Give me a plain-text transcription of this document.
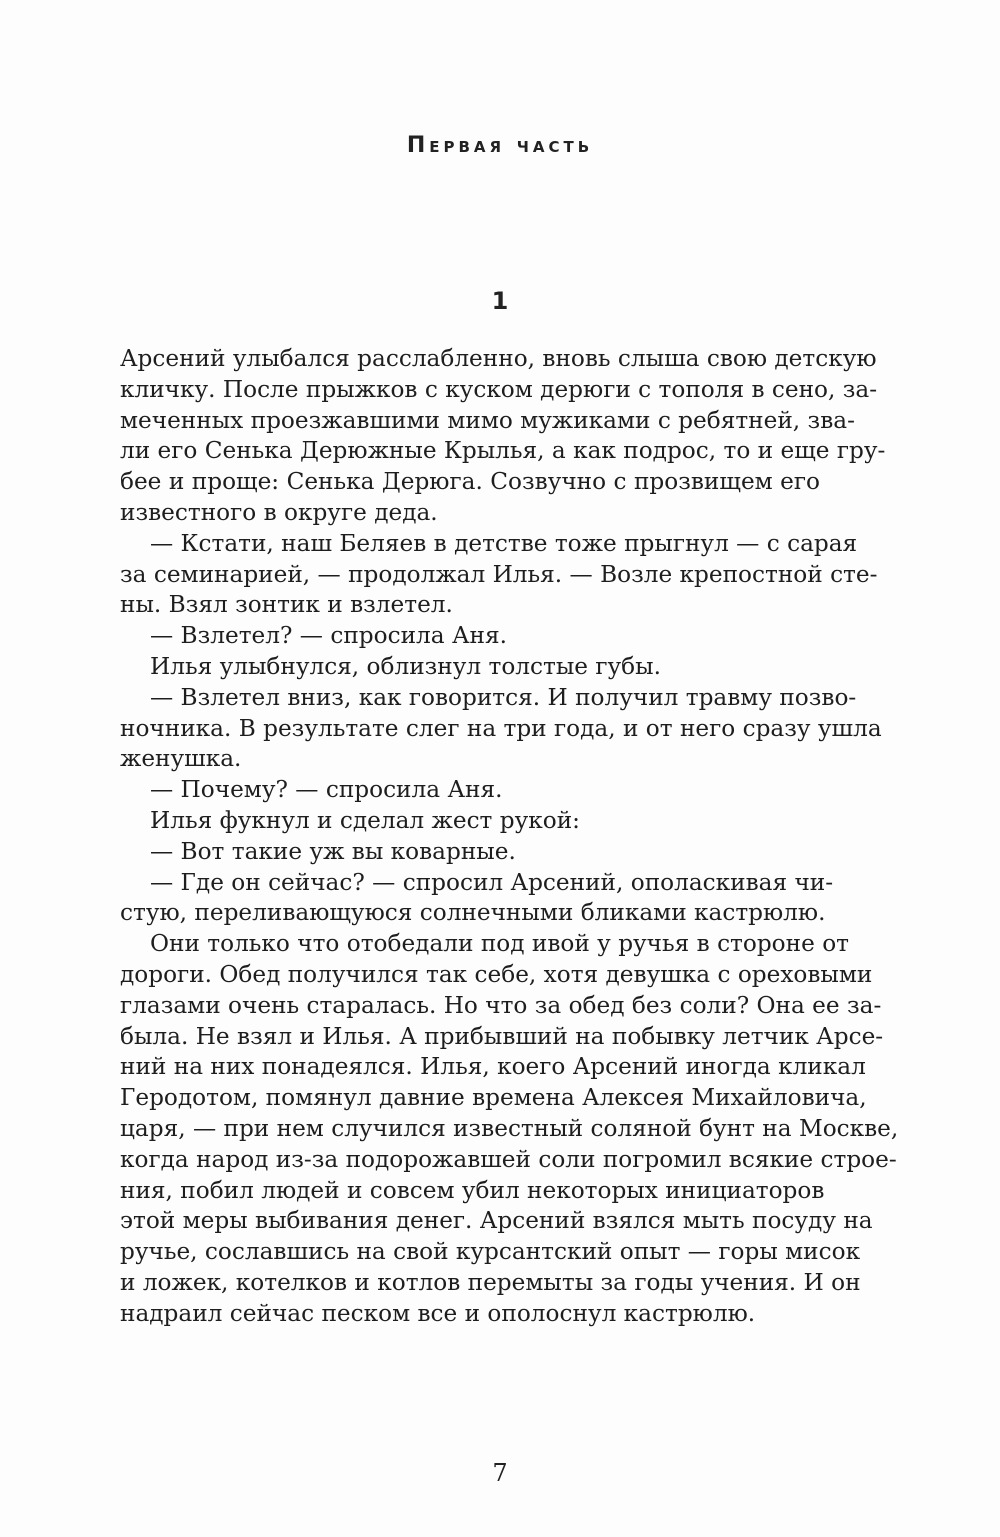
Первая часть
1
Арсений улыбался расслабленно, вновь слыша свою детскую
кличку. После прыжков с куском дерюги с тополя в сено, за-
меченных проезжавшими мимо мужиками с ребятней, зва-
ли его Сенька Дерюжные Крылья, а как подрос, то и еще гру-
бее и проще: Сенька Дерюга. Созвучно с прозвищем его
известного в округе деда.
— Кстати, наш Беляев в детстве тоже прыгнул — с сарая
за семинарией, — продолжал Илья. — Возле крепостной сте-
ны. Взял зонтик и взлетел.
— Взлетел? — спросила Аня.
Илья улыбнулся, облизнул толстые губы.
— Взлетел вниз, как говорится. И получил травму позво-
ночника. В результате слег на три года, и от него сразу ушла
женушка.
— Почему? — спросила Аня.
Илья фукнул и сделал жест рукой:
— Вот такие уж вы коварные.
— Где он сейчас? — спросил Арсений, ополаскивая чи-
стую, переливающуюся солнечными бликами кастрюлю.
Они только что отобедали под ивой у ручья в стороне от
дороги. Обед получился так себе, хотя девушка с ореховыми
глазами очень старалась. Но что за обед без соли? Она ее за-
была. Не взял и Илья. А прибывший на побывку летчик Арсе-
ний на них понадеялся. Илья, коего Арсений иногда кликал
Геродотом, помянул давние времена Алексея Михайловича,
царя, — при нем случился известный соляной бунт на Москве,
когда народ из-за подорожавшей соли погромил всякие строе-
ния, побил людей и совсем убил некоторых инициаторов
этой меры выбивания денег. Арсений взялся мыть посуду на
ручье, сославшись на свой курсантский опыт — горы мисок
и ложек, котелков и котлов перемыты за годы учения. И он
надраил сейчас песком все и ополоснул кастрюлю.
7
